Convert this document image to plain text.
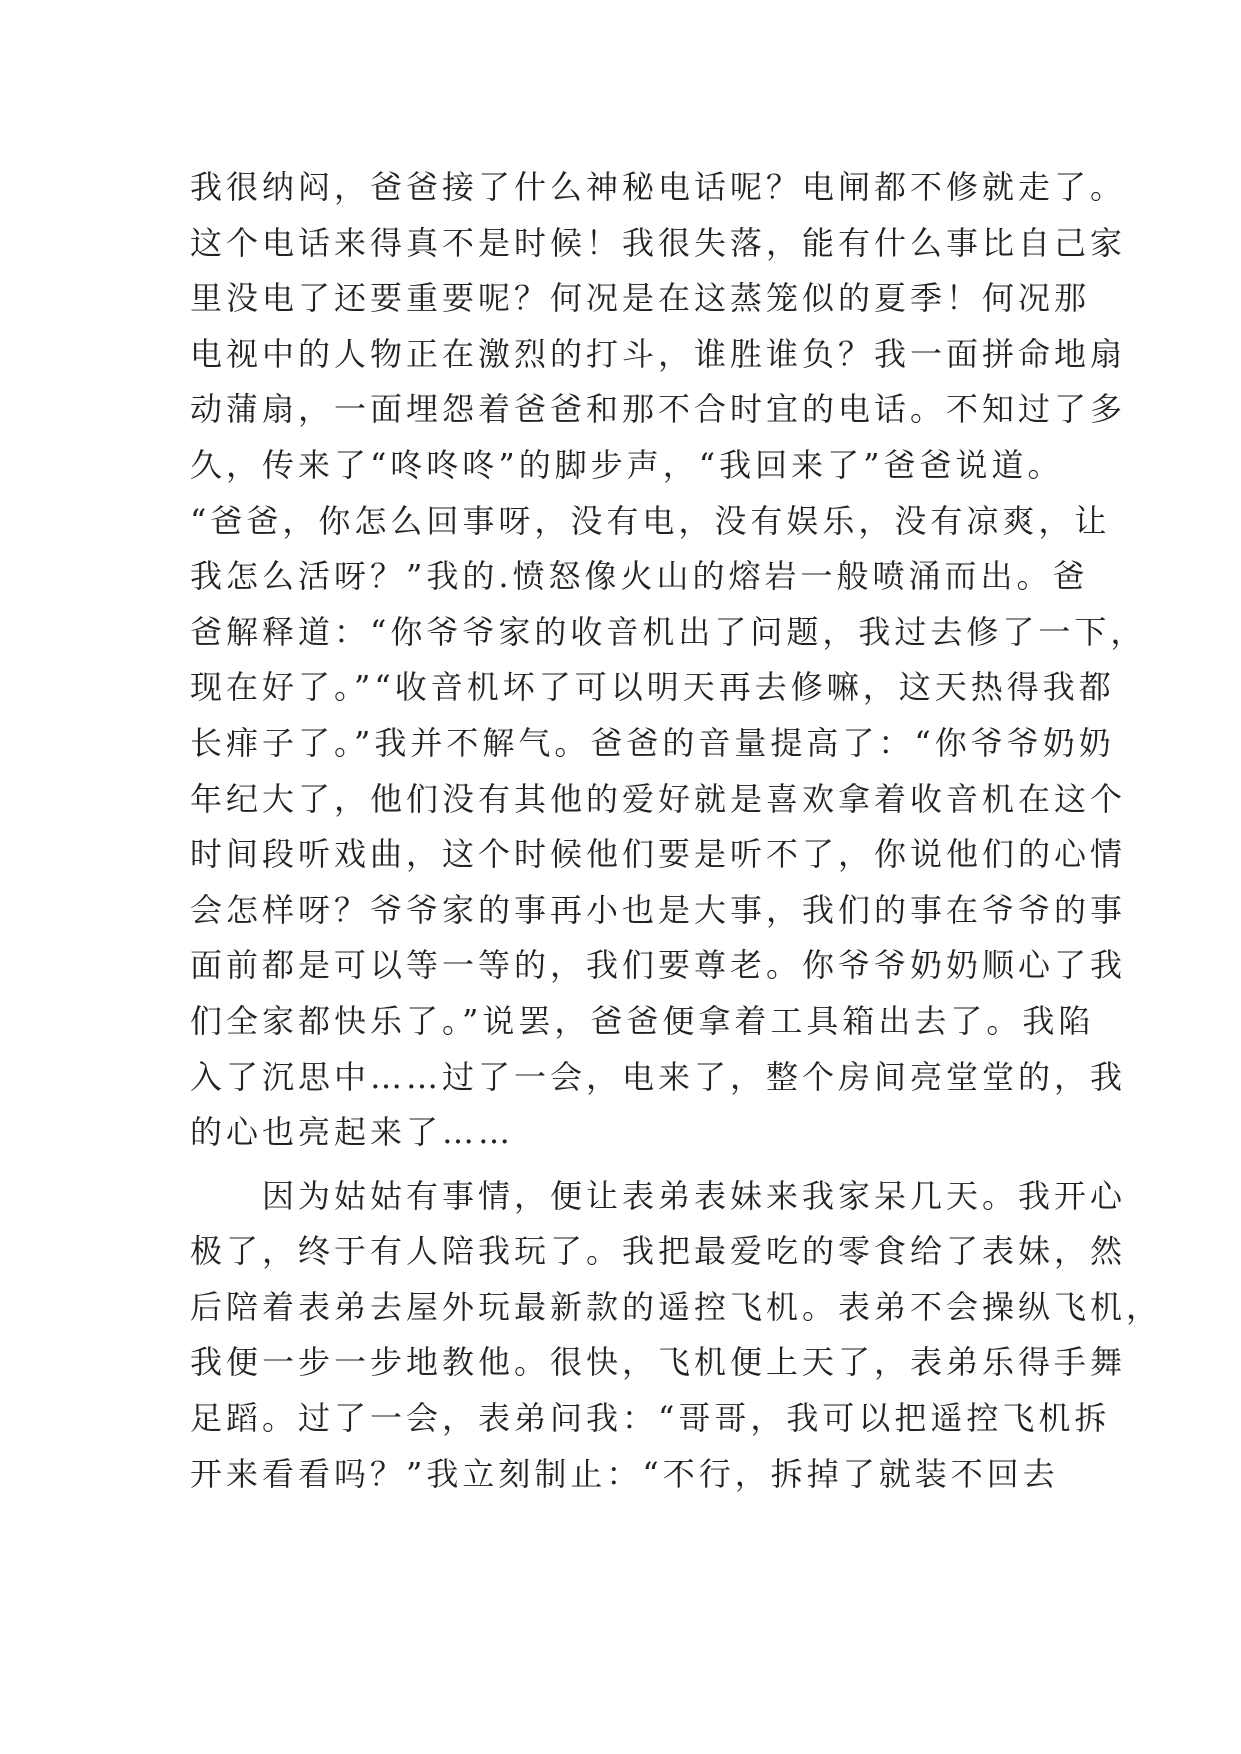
我很纳闷，爸爸接了什么神秘电话呢？电闸都不修就走了。
这个电话来得真不是时候！我很失落，能有什么事比自己家
里没电了还要重要呢？何况是在这蒸笼似的夏季！何况那
电视中的人物正在激烈的打斗，谁胜谁负？我一面拼命地扇
动蒲扇，一面埋怨着爸爸和那不合时宜的电话。不知过了多
久，传来了“咚咚咚”的脚步声，“我回来了”爸爸说道。
“爸爸，你怎么回事呀，没有电，没有娱乐，没有凉爽，让
我怎么活呀？”我的.愤怒像火山的熔岩一般喷涌而出。爸
爸解释道：“你爷爷家的收音机出了问题，我过去修了一下，
现在好了。”“收音机坏了可以明天再去修嘛，这天热得我都
长痱子了。”我并不解气。爸爸的音量提高了：“你爷爷奶奶
年纪大了，他们没有其他的爱好就是喜欢拿着收音机在这个
时间段听戏曲，这个时候他们要是听不了，你说他们的心情
会怎样呀？爷爷家的事再小也是大事，我们的事在爷爷的事
面前都是可以等一等的，我们要尊老。你爷爷奶奶顺心了我
们全家都快乐了。”说罢，爸爸便拿着工具箱出去了。我陷
入了沉思中……过了一会，电来了，整个房间亮堂堂的，我
的心也亮起来了……
因为姑姑有事情，便让表弟表妹来我家呆几天。我开心
极了，终于有人陪我玩了。我把最爱吃的零食给了表妹，然
后陪着表弟去屋外玩最新款的遥控飞机。表弟不会操纵飞机，
我便一步一步地教他。很快，飞机便上天了，表弟乐得手舞
足蹈。过了一会，表弟问我：“哥哥，我可以把遥控飞机拆
开来看看吗？”我立刻制止：“不行，拆掉了就装不回去
